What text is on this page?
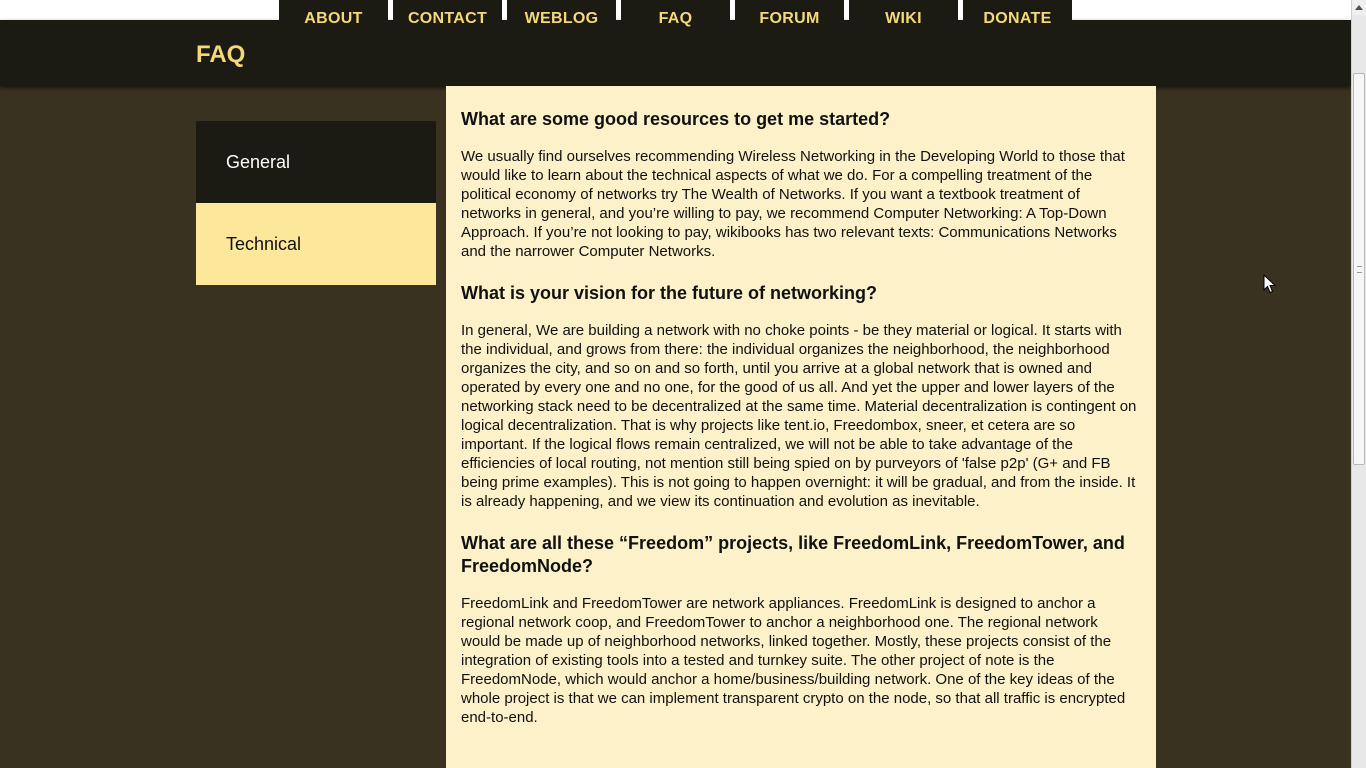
ABOUT	CONTACT	WEBLOG	FAQ	FORUM	WIKI	DONATE
FAQ
General
Technical
What are some good resources to get me started?

We usually find ourselves recommending Wireless Networking in the Developing World to those that would like to learn about the technical aspects of what we do. For a compelling treatment of the political economy of networks try The Wealth of Networks. If you want a textbook treatment of networks in general, and you’re willing to pay, we recommend Computer Networking: A Top-Down Approach. If you’re not looking to pay, wikibooks has two relevant texts: Communications Networks and the narrower Computer Networks.

What is your vision for the future of networking?

In general, We are building a network with no choke points - be they material or logical. It starts with the individual, and grows from there: the individual organizes the neighborhood, the neighborhood organizes the city, and so on and so forth, until you arrive at a global network that is owned and operated by every one and no one, for the good of us all. And yet the upper and lower layers of the networking stack need to be decentralized at the same time. Material decentralization is contingent on logical decentralization. That is why projects like tent.io, Freedombox, sneer, et cetera are so important. If the logical flows remain centralized, we will not be able to take advantage of the efficiencies of local routing, not mention still being spied on by purveyors of 'false p2p' (G+ and FB being prime examples). This is not going to happen overnight: it will be gradual, and from the inside. It is already happening, and we view its continuation and evolution as inevitable.

What are all these “Freedom” projects, like FreedomLink, FreedomTower, and FreedomNode?

FreedomLink and FreedomTower are network appliances. FreedomLink is designed to anchor a regional network coop, and FreedomTower to anchor a neighborhood one. The regional network would be made up of neighborhood networks, linked together. Mostly, these projects consist of the integration of existing tools into a tested and turnkey suite. The other project of note is the FreedomNode, which would anchor a home/business/building network. One of the key ideas of the whole project is that we can implement transparent crypto on the node, so that all traffic is encrypted end-to-end.
